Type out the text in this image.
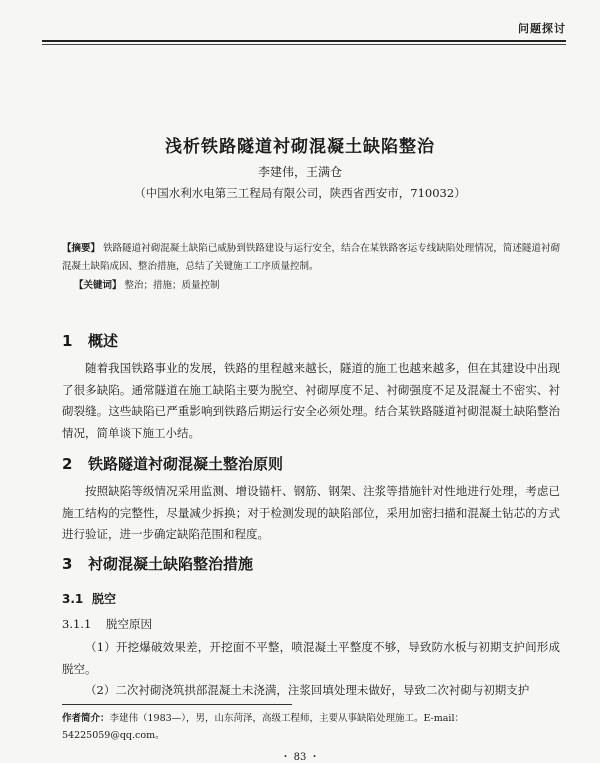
问题探讨
浅析铁路隧道衬砌混凝土缺陷整治
李建伟，王满仓
（中国水利水电第三工程局有限公司，陕西省西安市，710032）
【摘要】 铁路隧道衬砌混凝土缺陷已威胁到铁路建设与运行安全，结合在某铁路客运专线缺陷处理情况，简述隧道衬砌混凝土缺陷成因、整治措施，总结了关键施工工序质量控制。
【关键词】 整治；措施；质量控制
1 概述
随着我国铁路事业的发展，铁路的里程越来越长，隧道的施工也越来越多，但在其建设中出现了很多缺陷。通常隧道在施工缺陷主要为脱空、衬砌厚度不足、衬砌强度不足及混凝土不密实、衬砌裂缝。这些缺陷已严重影响到铁路后期运行安全必须处理。结合某铁路隧道衬砌混凝土缺陷整治情况，简单谈下施工小结。
2 铁路隧道衬砌混凝土整治原则
按照缺陷等级情况采用监测、增设锚杆、钢筋、钢架、注浆等措施针对性地进行处理，考虑已施工结构的完整性，尽量减少拆换；对于检测发现的缺陷部位，采用加密扫描和混凝土钻芯的方式进行验证，进一步确定缺陷范围和程度。
3 衬砌混凝土缺陷整治措施
3.1 脱空
3.1.1 脱空原因
（1）开挖爆破效果差，开挖面不平整，喷混凝土平整度不够，导致防水板与初期支护间形成脱空。
（2）二次衬砌浇筑拱部混凝土未浇满，注浆回填处理未做好，导致二次衬砌与初期支护
作者简介：李建伟（1983—），男，山东菏泽，高级工程师，主要从事缺陷处理施工。E-mail：54225059@qq.com。
・ 83 ・
